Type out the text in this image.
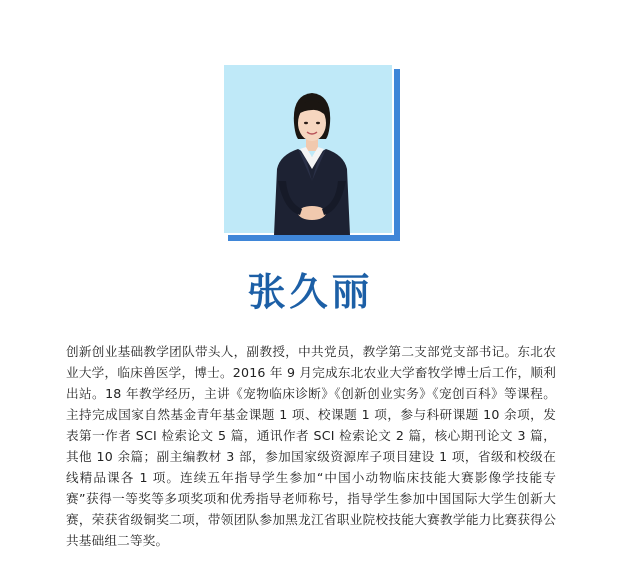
张久丽

创新创业基础教学团队带头人，副教授，中共党员，教学第二支部党支部书记。东北农业大学，临床兽医学，博士。2016 年 9 月完成东北农业大学畜牧学博士后工作，顺利出站。18 年教学经历，主讲《宠物临床诊断》《创新创业实务》《宠创百科》等课程。主持完成国家自然基金青年基金课题 1 项、校课题 1 项，参与科研课题 10 余项，发表第一作者 SCI 检索论文 5 篇，通讯作者 SCI 检索论文 2 篇，核心期刊论文 3 篇，其他 10 余篇；副主编教材 3 部，参加国家级资源库子项目建设 1 项，省级和校级在线精品课各 1 项。连续五年指导学生参加“中国小动物临床技能大赛影像学技能专赛”获得一等奖等多项奖项和优秀指导老师称号，指导学生参加中国国际大学生创新大赛，荣获省级铜奖二项，带领团队参加黑龙江省职业院校技能大赛教学能力比赛获得公共基础组二等奖。
